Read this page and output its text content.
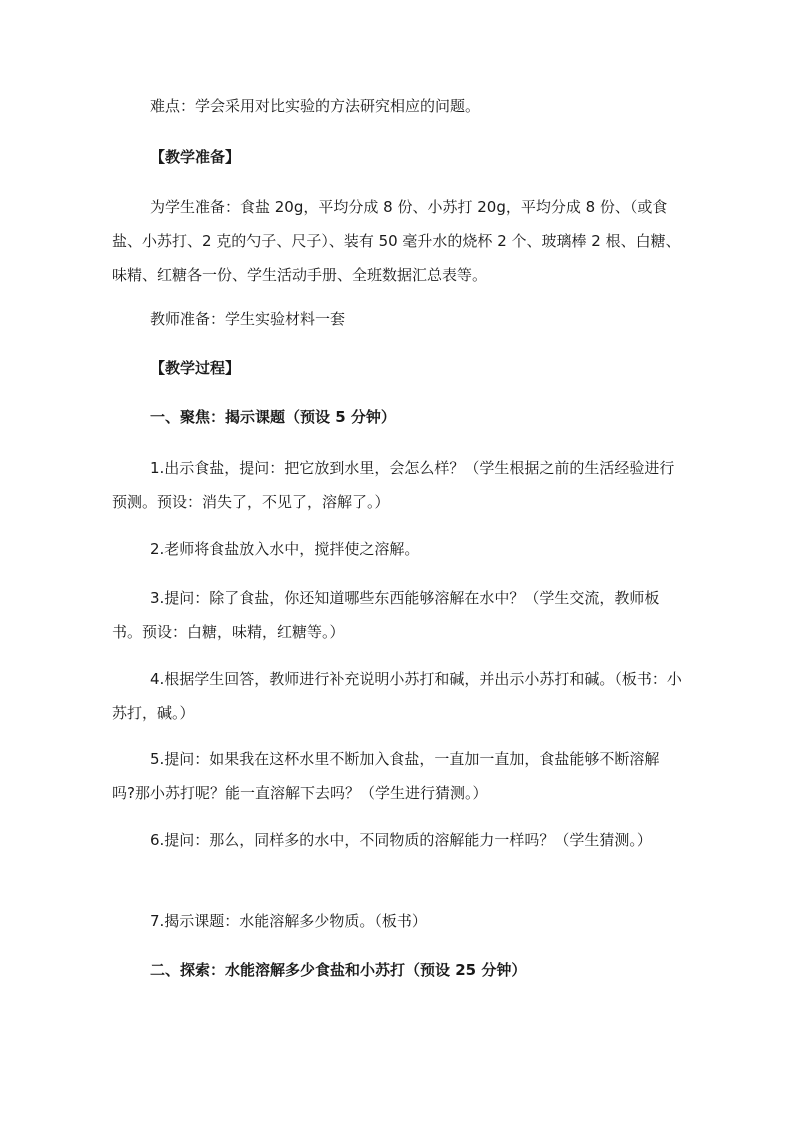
难点：学会采用对比实验的方法研究相应的问题。

【教学准备】

为学生准备：食盐 20g，平均分成 8 份、小苏打 20g，平均分成 8 份、（或食盐、小苏打、2 克的勺子、尺子）、装有 50 毫升水的烧杯 2 个、玻璃棒 2 根、白糖、味精、红糖各一份、学生活动手册、全班数据汇总表等。

教师准备：学生实验材料一套

【教学过程】

一、聚焦：揭示课题（预设 5 分钟）

1.出示食盐，提问：把它放到水里，会怎么样？（学生根据之前的生活经验进行预测。预设：消失了，不见了，溶解了。）

2.老师将食盐放入水中，搅拌使之溶解。

3.提问：除了食盐，你还知道哪些东西能够溶解在水中？（学生交流，教师板书。预设：白糖，味精，红糖等。）

4.根据学生回答，教师进行补充说明小苏打和碱，并出示小苏打和碱。（板书：小苏打，碱。）

5.提问：如果我在这杯水里不断加入食盐，一直加一直加，食盐能够不断溶解吗?那小苏打呢？能一直溶解下去吗？（学生进行猜测。）

6.提问：那么，同样多的水中，不同物质的溶解能力一样吗？（学生猜测。）

7.揭示课题：水能溶解多少物质。（板书）

二、探索：水能溶解多少食盐和小苏打（预设 25 分钟）
